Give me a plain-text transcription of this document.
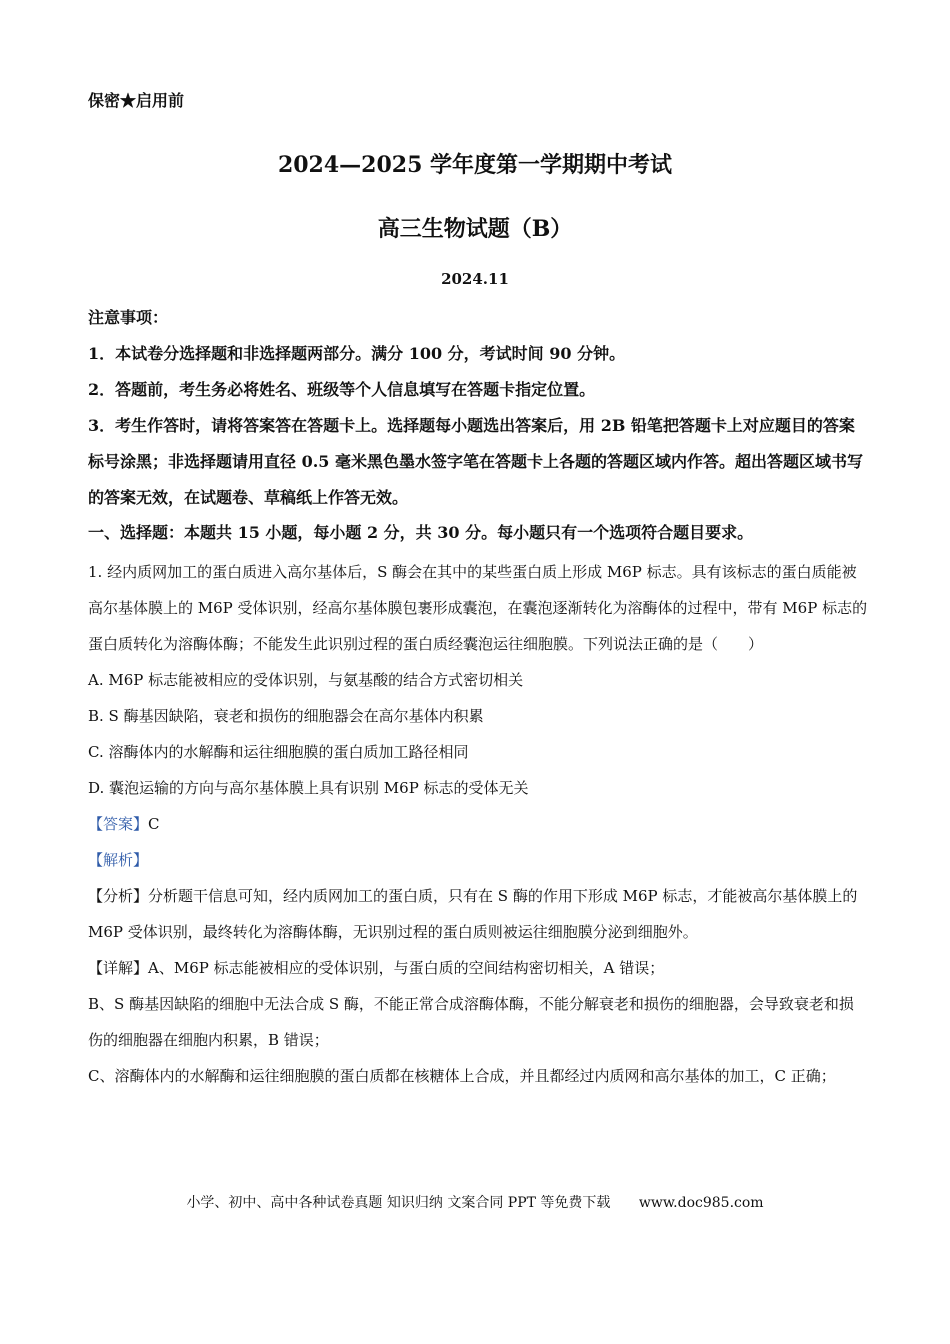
保密★启用前
2024—2025 学年度第一学期期中考试
高三生物试题（B）
2024.11
注意事项：
1．本试卷分选择题和非选择题两部分。满分 100 分，考试时间 90 分钟。
2．答题前，考生务必将姓名、班级等个人信息填写在答题卡指定位置。
3．考生作答时，请将答案答在答题卡上。选择题每小题选出答案后，用 2B 铅笔把答题卡上对应题目的答案标号涂黑；非选择题请用直径 0.5 毫米黑色墨水签字笔在答题卡上各题的答题区域内作答。超出答题区域书写的答案无效，在试题卷、草稿纸上作答无效。
一、选择题：本题共 15 小题，每小题 2 分，共 30 分。每小题只有一个选项符合题目要求。

1. 经内质网加工的蛋白质进入高尔基体后，S 酶会在其中的某些蛋白质上形成 M6P 标志。具有该标志的蛋白质能被高尔基体膜上的 M6P 受体识别，经高尔基体膜包裹形成囊泡，在囊泡逐渐转化为溶酶体的过程中，带有 M6P 标志的蛋白质转化为溶酶体酶；不能发生此识别过程的蛋白质经囊泡运往细胞膜。下列说法正确的是（　　）

A. M6P 标志能被相应的受体识别，与氨基酸的结合方式密切相关

B. S 酶基因缺陷，衰老和损伤的细胞器会在高尔基体内积累

C. 溶酶体内的水解酶和运往细胞膜的蛋白质加工路径相同

D. 囊泡运输的方向与高尔基体膜上具有识别 M6P 标志的受体无关

【答案】C

【解析】

【分析】分析题干信息可知，经内质网加工的蛋白质，只有在 S 酶的作用下形成 M6P 标志，才能被高尔基体膜上的 M6P 受体识别，最终转化为溶酶体酶，无识别过程的蛋白质则被运往细胞膜分泌到细胞外。

【详解】A、M6P 标志能被相应的受体识别，与蛋白质的空间结构密切相关，A 错误；

B、S 酶基因缺陷的细胞中无法合成 S 酶，不能正常合成溶酶体酶，不能分解衰老和损伤的细胞器，会导致衰老和损伤的细胞器在细胞内积累，B 错误；

C、溶酶体内的水解酶和运往细胞膜的蛋白质都在核糖体上合成，并且都经过内质网和高尔基体的加工，C 正确；

小学、初中、高中各种试卷真题 知识归纳 文案合同 PPT 等免费下载 www.doc985.com
